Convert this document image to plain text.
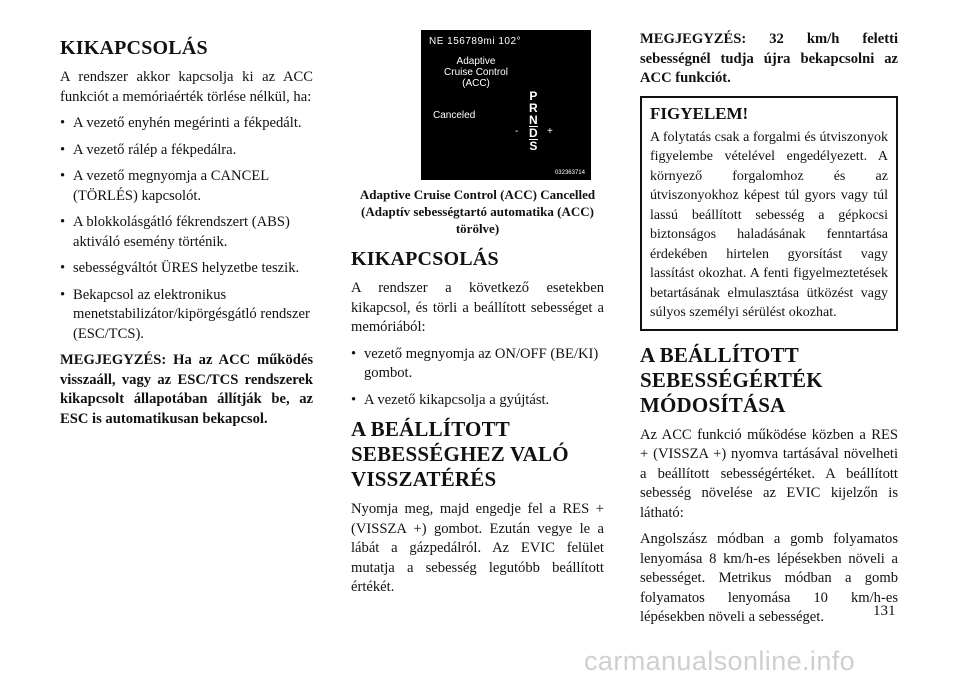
KIKAPCSOLÁS

A rendszer akkor kapcsolja ki az ACC funkciót a memóriaérték törlése nélkül, ha:

• A vezető enyhén megérinti a fékpedált.
• A vezető rálép a fékpedálra.
• A vezető megnyomja a CANCEL (TÖRLÉS) kapcsolót.
• A blokkolásgátló fékrendszert (ABS) aktiváló esemény történik.
• sebességváltót ÜRES helyzetbe teszik.
• Bekapcsol az elektronikus menetstabilizátor/kipörgésgátló rendszer (ESC/TCS).

MEGJEGYZÉS: Ha az ACC működés visszaáll, vagy az ESC/TCS rendszerek kikapcsolt állapotában állítják be, az ESC is automatikusan bekapcsol.

NE 156789mi 102°
Adaptive Cruise Control (ACC)
Canceled
P
R
N
D
S
-	+
032363714
Adaptive Cruise Control (ACC) Cancelled (Adaptív sebességtartó automatika (ACC) törölve)
KIKAPCSOLÁS

A rendszer a következő esetekben kikapcsol, és törli a beállított sebességet a memóriából:

• vezető megnyomja az ON/OFF (BE/KI) gombot.
• A vezető kikapcsolja a gyújtást.
A BEÁLLÍTOTT SEBESSÉGHEZ VALÓ VISSZATÉRÉS

Nyomja meg, majd engedje fel a RES + (VISSZA +) gombot. Ezután vegye le a lábát a gázpedálról. Az EVIC felület mutatja a sebesség legutóbb beállított értékét.

MEGJEGYZÉS: 32 km/h feletti sebességnél tudja újra bekapcsolni az ACC funkciót.

FIGYELEM!

A folytatás csak a forgalmi és útviszonyok figyelembe vételével engedélyezett. A környező forgalomhoz és az útviszonyokhoz képest túl gyors vagy túl lassú beállított sebesség a gépkocsi biztonságos haladásának fenntartása érdekében hirtelen gyorsítást vagy lassítást okozhat. A fenti figyelmeztetések betartásának elmulasztása ütközést vagy súlyos személyi sérülést okozhat.

A BEÁLLÍTOTT SEBESSÉGÉRTÉK MÓDOSÍTÁSA

Az ACC funkció működése közben a RES + (VISSZA +) nyomva tartásával növelheti a beállított sebességértéket. A beállított sebesség növelése az EVIC kijelzőn is látható:

Angolszász módban a gomb folyamatos lenyomása 8 km/h-es lépésekben növeli a sebességet. Metrikus módban a gomb folyamatos lenyomása 10 km/h-es lépésekben növeli a sebességet.	131
carmanualsonline.info
